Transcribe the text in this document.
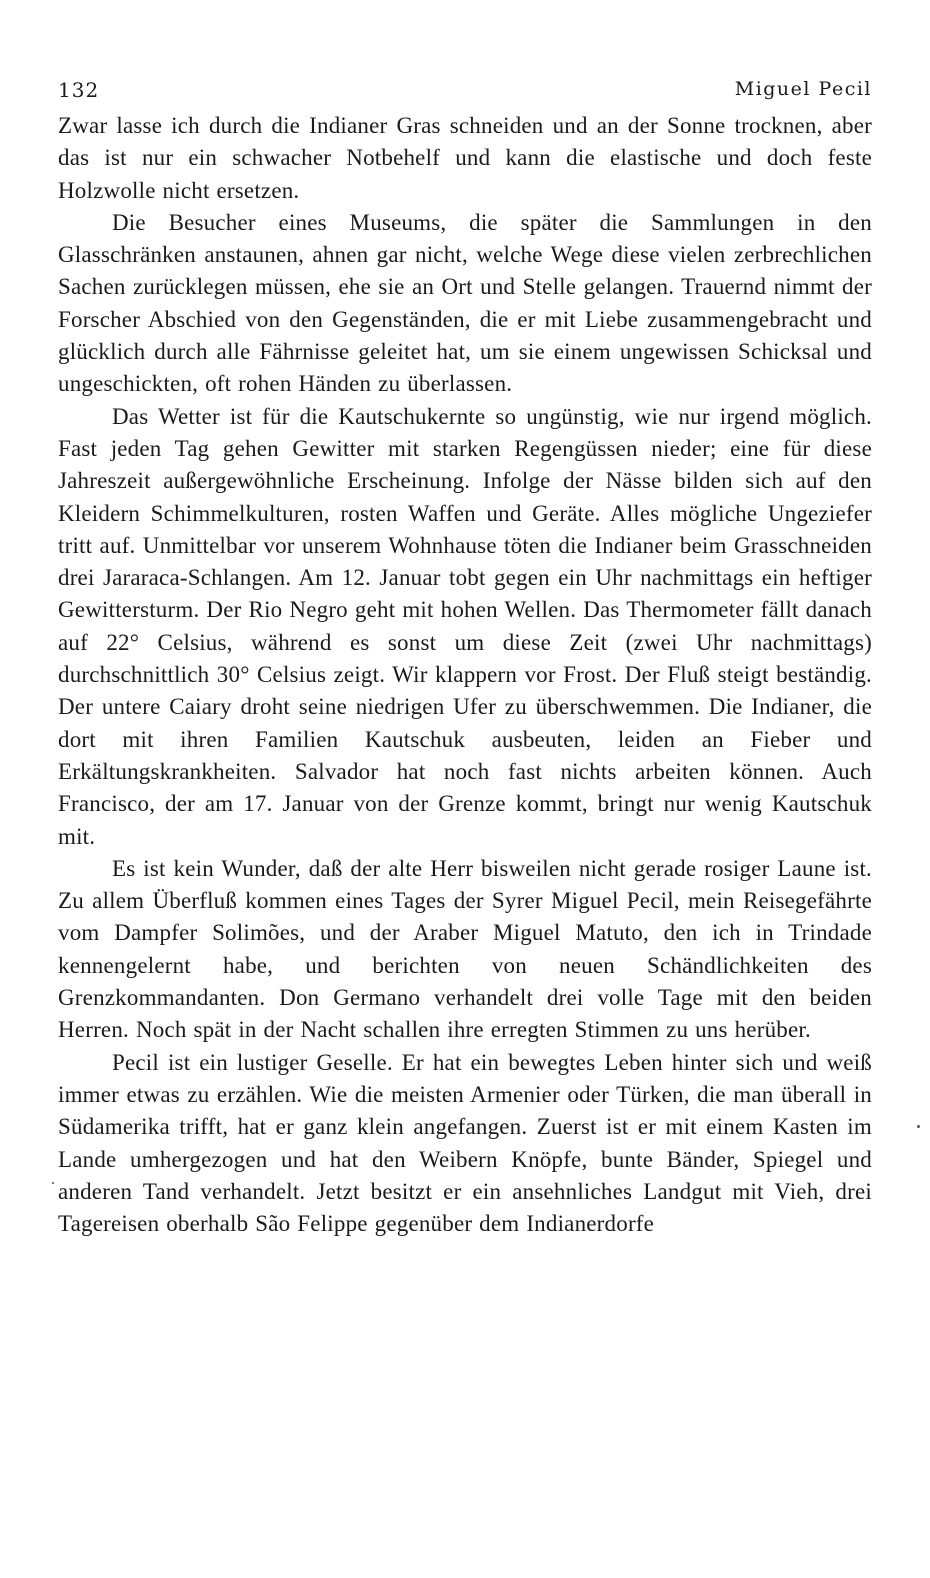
132	Miguel Pecil

Zwar lasse ich durch die Indianer Gras schneiden und an der Sonne trocknen, aber das ist nur ein schwacher Notbehelf und kann die elastische und doch feste Holzwolle nicht ersetzen.

Die Besucher eines Museums, die später die Sammlungen in den Glasschränken anstaunen, ahnen gar nicht, welche Wege diese vielen zerbrechlichen Sachen zurücklegen müssen, ehe sie an Ort und Stelle gelangen. Trauernd nimmt der Forscher Abschied von den Gegenständen, die er mit Liebe zusammengebracht und glücklich durch alle Fährnisse geleitet hat, um sie einem ungewissen Schicksal und ungeschickten, oft rohen Händen zu überlassen.

Das Wetter ist für die Kautschukernte so ungünstig, wie nur irgend möglich. Fast jeden Tag gehen Gewitter mit starken Regengüssen nieder; eine für diese Jahreszeit außergewöhnliche Erscheinung. Infolge der Nässe bilden sich auf den Kleidern Schimmelkulturen, rosten Waffen und Geräte. Alles mögliche Ungeziefer tritt auf. Unmittelbar vor unserem Wohnhause töten die Indianer beim Grasschneiden drei Jararaca-Schlangen. Am 12. Januar tobt gegen ein Uhr nachmittags ein heftiger Gewittersturm. Der Rio Negro geht mit hohen Wellen. Das Thermometer fällt danach auf 22° Celsius, während es sonst um diese Zeit (zwei Uhr nachmittags) durchschnittlich 30° Celsius zeigt. Wir klappern vor Frost. Der Fluß steigt beständig. Der untere Caiary droht seine niedrigen Ufer zu überschwemmen. Die Indianer, die dort mit ihren Familien Kautschuk ausbeuten, leiden an Fieber und Erkältungskrankheiten. Salvador hat noch fast nichts arbeiten können. Auch Francisco, der am 17. Januar von der Grenze kommt, bringt nur wenig Kautschuk mit.

Es ist kein Wunder, daß der alte Herr bisweilen nicht gerade rosiger Laune ist. Zu allem Überfluß kommen eines Tages der Syrer Miguel Pecil, mein Reisegefährte vom Dampfer Solimões, und der Araber Miguel Matuto, den ich in Trindade kennengelernt habe, und berichten von neuen Schändlichkeiten des Grenzkommandanten. Don Germano verhandelt drei volle Tage mit den beiden Herren. Noch spät in der Nacht schallen ihre erregten Stimmen zu uns herüber.

Pecil ist ein lustiger Geselle. Er hat ein bewegtes Leben hinter sich und weiß immer etwas zu erzählen. Wie die meisten Armenier oder Türken, die man überall in Südamerika trifft, hat er ganz klein angefangen. Zuerst ist er mit einem Kasten im Lande umhergezogen und hat den Weibern Knöpfe, bunte Bänder, Spiegel und anderen Tand verhandelt. Jetzt besitzt er ein ansehnliches Landgut mit Vieh, drei Tagereisen oberhalb São Felippe gegenüber dem Indianerdorfe
